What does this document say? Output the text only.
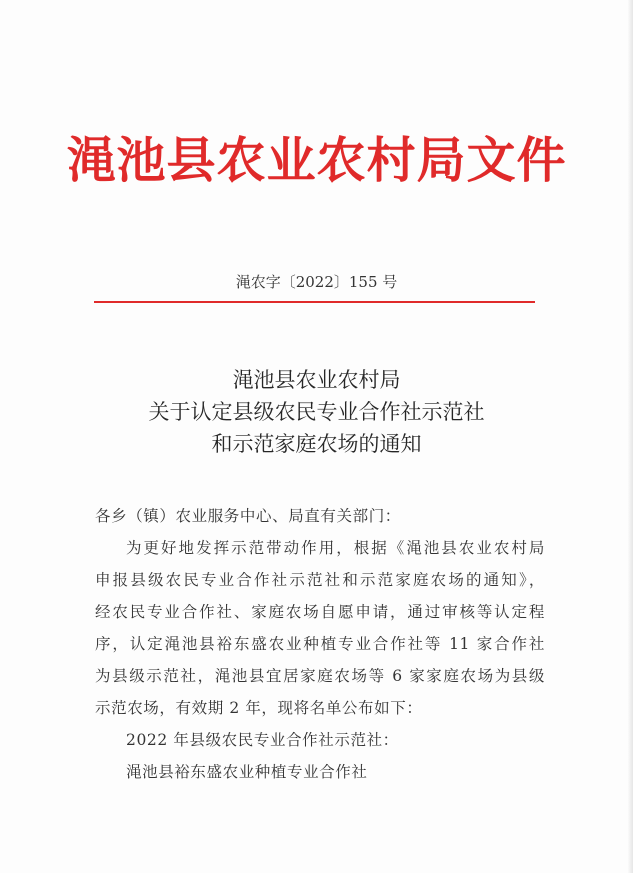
渑池县农业农村局文件
渑农字〔2022〕155 号
渑池县农业农村局
关于认定县级农民专业合作社示范社
和示范家庭农场的通知
各乡（镇）农业服务中心、局直有关部门：
为更好地发挥示范带动作用，根据《渑池县农业农村局
申报县级农民专业合作社示范社和示范家庭农场的通知》，
经农民专业合作社、家庭农场自愿申请，通过审核等认定程
序，认定渑池县裕东盛农业种植专业合作社等 11 家合作社
为县级示范社，渑池县宜居家庭农场等 6 家家庭农场为县级
示范农场，有效期 2 年，现将名单公布如下：
2022 年县级农民专业合作社示范社：
渑池县裕东盛农业种植专业合作社
